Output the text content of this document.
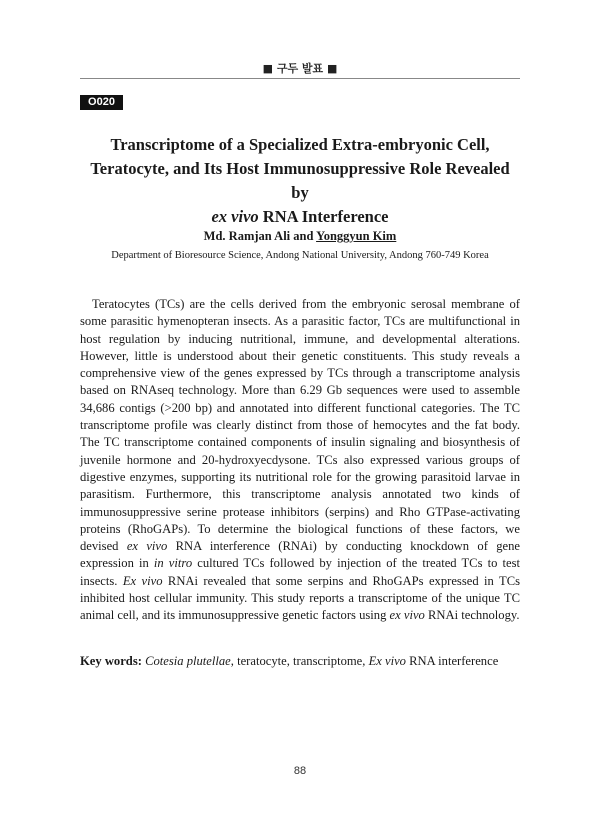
■ 구두 발표 ■
O020
Transcriptome of a Specialized Extra-embryonic Cell,
Teratocyte, and Its Host Immunosuppressive Role Revealed by
ex vivo RNA Interference
Md. Ramjan Ali and Yonggyun Kim
Department of Bioresource Science, Andong National University, Andong 760-749 Korea

Teratocytes (TCs) are the cells derived from the embryonic serosal membrane of some parasitic hymenopteran insects. As a parasitic factor, TCs are multifunctional in host regulation by inducing nutritional, immune, and developmental alterations. However, little is understood about their genetic constituents. This study reveals a comprehensive view of the genes expressed by TCs through a transcriptome analysis based on RNAseq technology. More than 6.29 Gb sequences were used to assemble 34,686 contigs (>200 bp) and annotated into different functional categories. The TC transcriptome profile was clearly distinct from those of hemocytes and the fat body. The TC transcriptome contained components of insulin signaling and biosynthesis of juvenile hormone and 20-hydroxyecdysone. TCs also expressed various groups of digestive enzymes, supporting its nutritional role for the growing parasitoid larvae in parasitism. Furthermore, this transcriptome analysis annotated two kinds of immunosuppressive serine protease inhibitors (serpins) and Rho GTPase-activating proteins (RhoGAPs). To determine the biological functions of these factors, we devised ex vivo RNA interference (RNAi) by conducting knockdown of gene expression in in vitro cultured TCs followed by injection of the treated TCs to test insects. Ex vivo RNAi revealed that some serpins and RhoGAPs expressed in TCs inhibited host cellular immunity. This study reports a transcriptome of the unique TC animal cell, and its immunosuppressive genetic factors using ex vivo RNAi technology.

Key words: Cotesia plutellae, teratocyte, transcriptome, Ex vivo RNA interference
88
